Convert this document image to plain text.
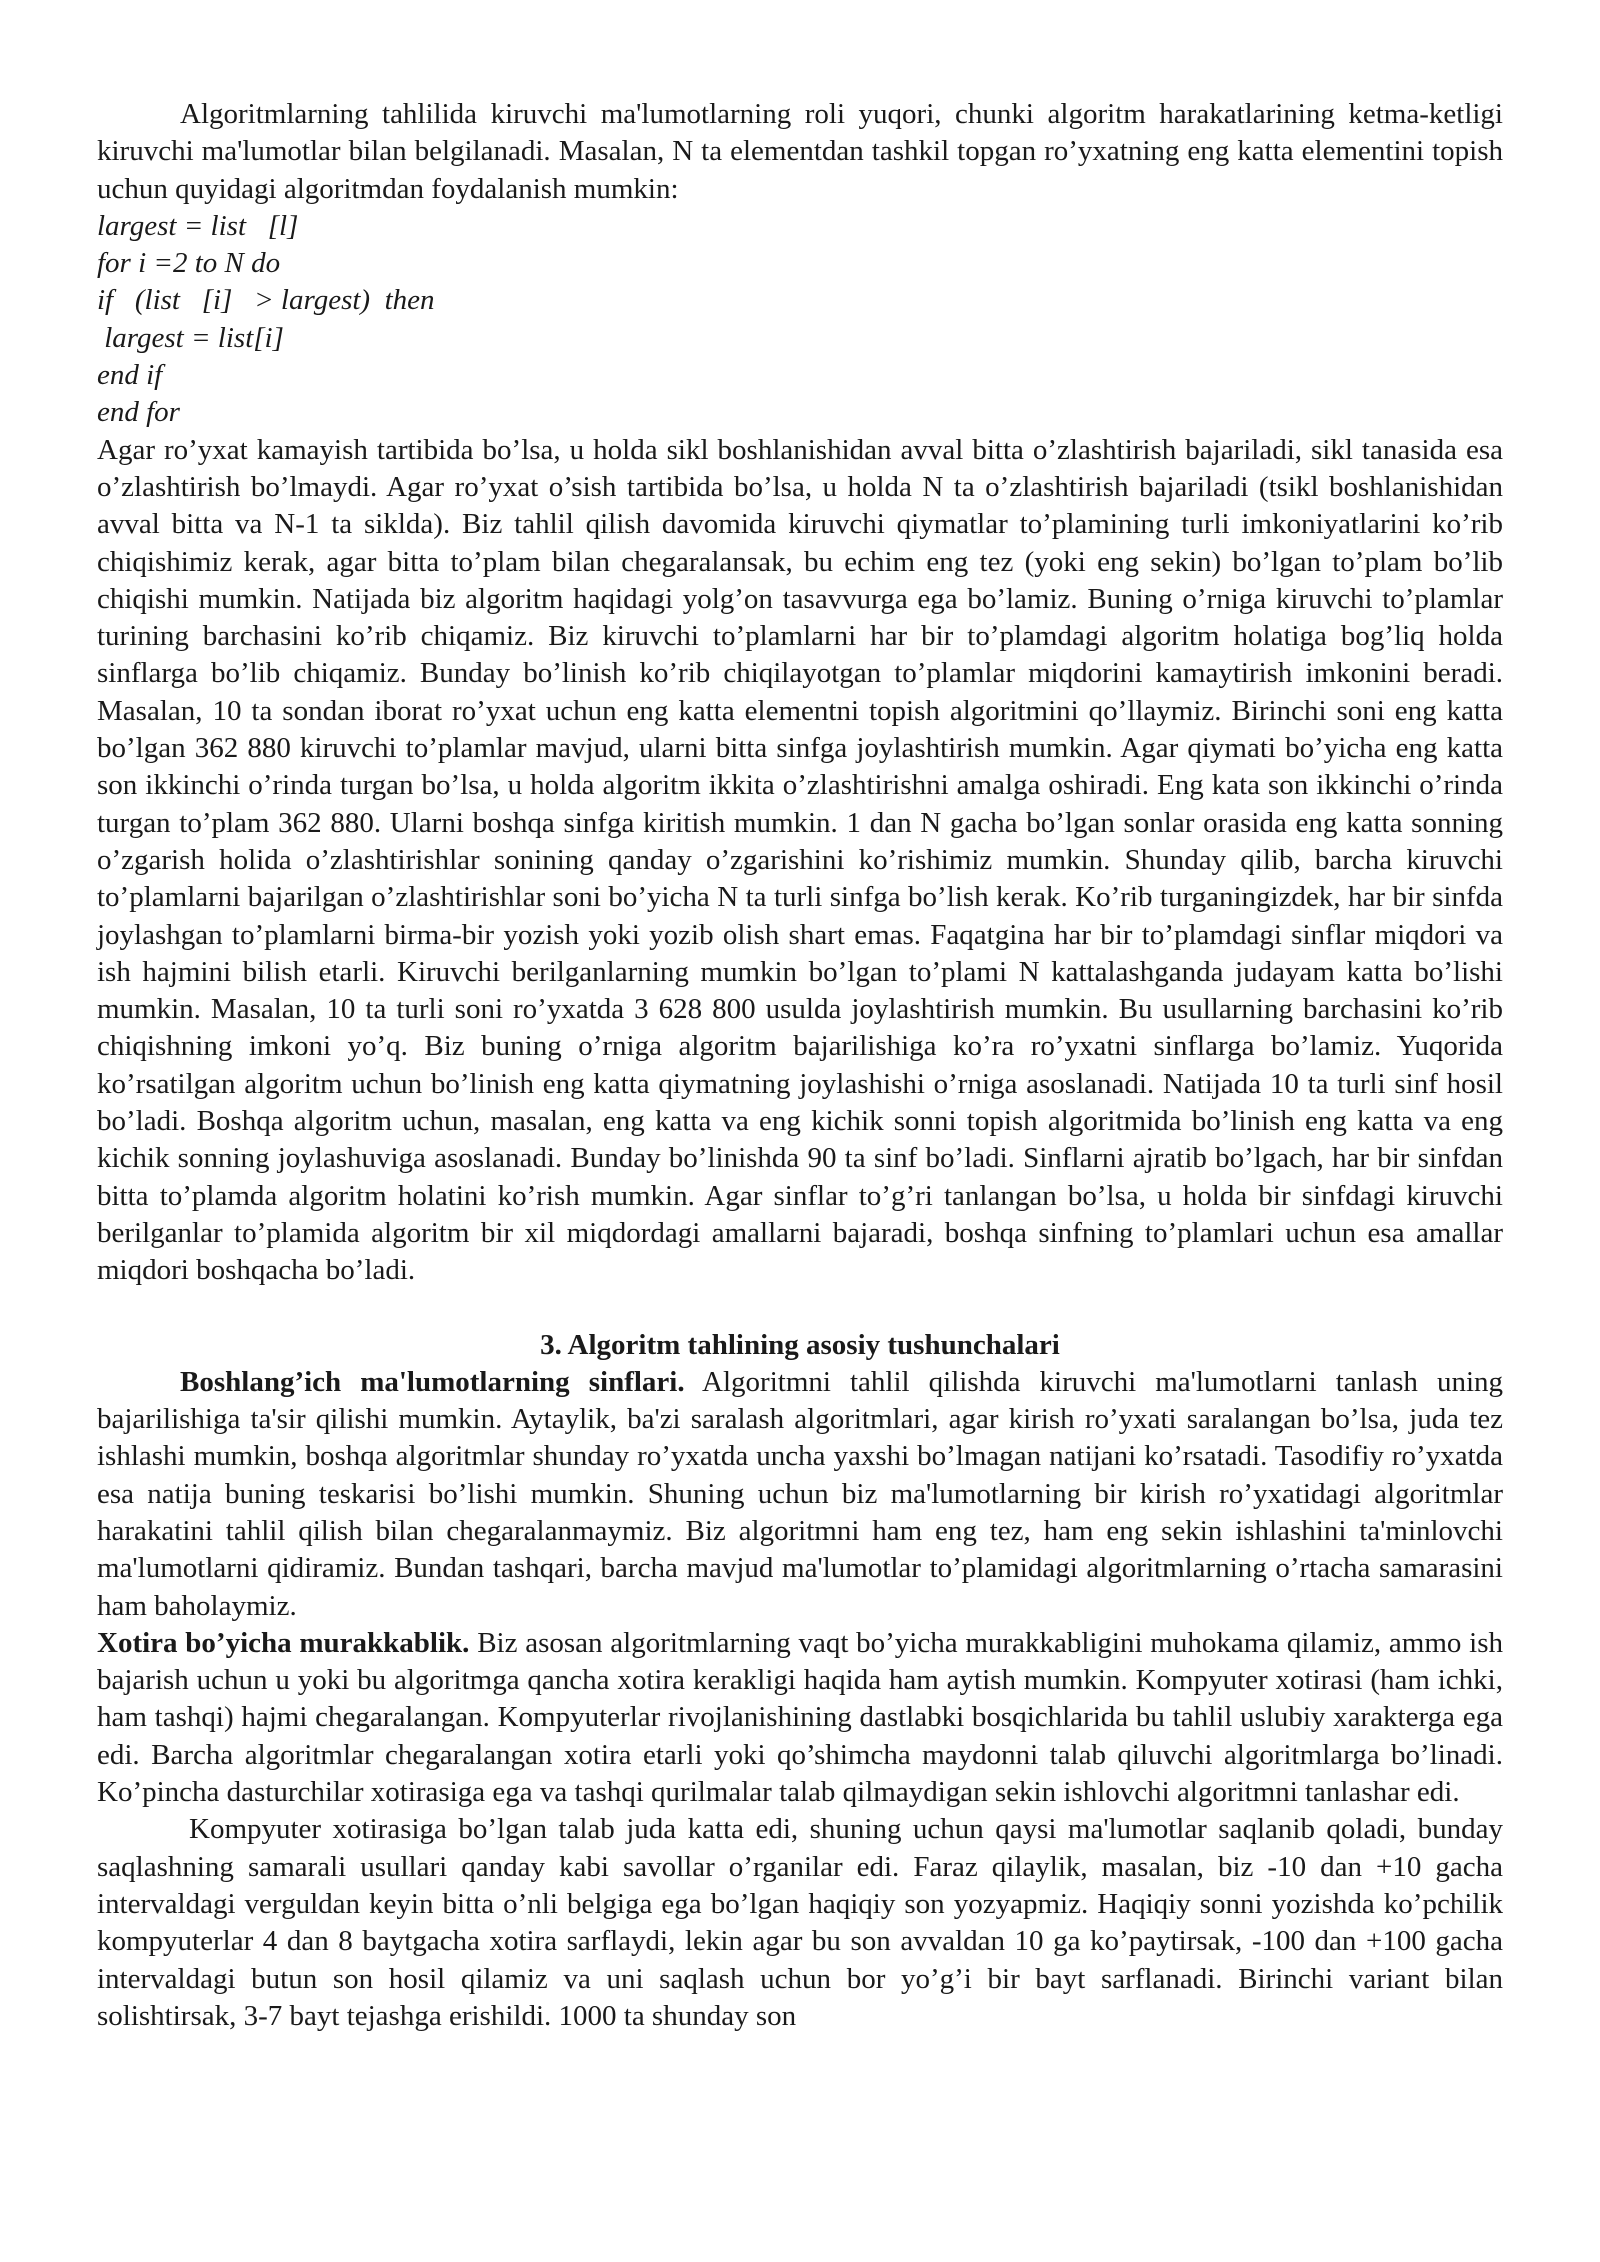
Algoritmlarning tahlilida kiruvchi ma'lumotlarning roli yuqori, chunki algoritm harakatlarining ketma-ketligi kiruvchi ma'lumotlar bilan belgilanadi. Masalan, N ta elementdan tashkil topgan ro’yxatning eng katta elementini topish uchun quyidagi algoritmdan foydalanish mumkin:

largest = list   [l]
for i =2 to N do
if   (list   [i]   > largest)  then
largest = list[i]
end if
end for

Agar ro’yxat kamayish tartibida bo’lsa, u holda sikl boshlanishidan avval bitta o’zlashtirish bajariladi, sikl tanasida esa o’zlashtirish bo’lmaydi. Agar ro’yxat o’sish tartibida bo’lsa, u holda N ta o’zlashtirish bajariladi (tsikl boshlanishidan avval bitta va N-1 ta siklda). Biz tahlil qilish davomida kiruvchi qiymatlar to’plamining turli imkoniyatlarini ko’rib chiqishimiz kerak, agar bitta to’plam bilan chegaralansak, bu echim eng tez (yoki eng sekin) bo’lgan to’plam bo’lib chiqishi mumkin. Natijada biz algoritm haqidagi yolg’on tasavvurga ega bo’lamiz. Buning o’rniga kiruvchi to’plamlar turining barchasini ko’rib chiqamiz. Biz kiruvchi to’plamlarni har bir to’plamdagi algoritm holatiga bog’liq holda sinflarga bo’lib chiqamiz. Bunday bo’linish ko’rib chiqilayotgan to’plamlar miqdorini kamaytirish imkonini beradi. Masalan, 10 ta sondan iborat ro’yxat uchun eng katta elementni topish algoritmini qo’llaymiz. Birinchi soni eng katta bo’lgan 362 880 kiruvchi to’plamlar mavjud, ularni bitta sinfga joylashtirish mumkin. Agar qiymati bo’yicha eng katta son ikkinchi o’rinda turgan bo’lsa, u holda algoritm ikkita o’zlashtirishni amalga oshiradi. Eng kata son ikkinchi o’rinda turgan to’plam 362 880. Ularni boshqa sinfga kiritish mumkin. 1 dan N gacha bo’lgan sonlar orasida eng katta sonning o’zgarish holida o’zlashtirishlar sonining qanday o’zgarishini ko’rishimiz mumkin. Shunday qilib, barcha kiruvchi to’plamlarni bajarilgan o’zlashtirishlar soni bo’yicha N ta turli sinfga bo’lish kerak. Ko’rib turganingizdek, har bir sinfda joylashgan to’plamlarni birma-bir yozish yoki yozib olish shart emas. Faqatgina har bir to’plamdagi sinflar miqdori va ish hajmini bilish etarli. Kiruvchi berilganlarning mumkin bo’lgan to’plami N kattalashganda judayam katta bo’lishi mumkin. Masalan, 10 ta turli soni ro’yxatda 3 628 800 usulda joylashtirish mumkin. Bu usullarning barchasini ko’rib chiqishning imkoni yo’q. Biz buning o’rniga algoritm bajarilishiga ko’ra ro’yxatni sinflarga bo’lamiz. Yuqorida ko’rsatilgan algoritm uchun bo’linish eng katta qiymatning joylashishi o’rniga asoslanadi. Natijada 10 ta turli sinf hosil bo’ladi. Boshqa algoritm uchun, masalan, eng katta va eng kichik sonni topish algoritmida bo’linish eng katta va eng kichik sonning joylashuviga asoslanadi. Bunday bo’linishda 90 ta sinf bo’ladi. Sinflarni ajratib bo’lgach, har bir sinfdan bitta to’plamda algoritm holatini ko’rish mumkin. Agar sinflar to’g’ri tanlangan bo’lsa, u holda bir sinfdagi kiruvchi berilganlar to’plamida algoritm bir xil miqdordagi amallarni bajaradi, boshqa sinfning to’plamlari uchun esa amallar miqdori boshqacha bo’ladi.

3. Algoritm tahlining asosiy tushunchalari

Boshlang’ich ma'lumotlarning sinflari. Algoritmni tahlil qilishda kiruvchi ma'lumotlarni tanlash uning bajarilishiga ta'sir qilishi mumkin. Aytaylik, ba'zi saralash algoritmlari, agar kirish ro’yxati saralangan bo’lsa, juda tez ishlashi mumkin, boshqa algoritmlar shunday ro’yxatda uncha yaxshi bo’lmagan natijani ko’rsatadi. Tasodifiy ro’yxatda esa natija buning teskarisi bo’lishi mumkin. Shuning uchun biz ma'lumotlarning bir kirish ro’yxatidagi algoritmlar harakatini tahlil qilish bilan chegaralanmaymiz. Biz algoritmni ham eng tez, ham eng sekin ishlashini ta'minlovchi ma'lumotlarni qidiramiz. Bundan tashqari, barcha mavjud ma'lumotlar to’plamidagi algoritmlarning o’rtacha samarasini ham baholaymiz.

Xotira bo’yicha murakkablik. Biz asosan algoritmlarning vaqt bo’yicha murakkabligini muhokama qilamiz, ammo ish bajarish uchun u yoki bu algoritmga qancha xotira kerakligi haqida ham aytish mumkin. Kompyuter xotirasi (ham ichki, ham tashqi) hajmi chegaralangan. Kompyuterlar rivojlanishining dastlabki bosqichlarida bu tahlil uslubiy xarakterga ega edi. Barcha algoritmlar chegaralangan xotira etarli yoki qo’shimcha maydonni talab qiluvchi algoritmlarga bo’linadi. Ko’pincha dasturchilar xotirasiga ega va tashqi qurilmalar talab qilmaydigan sekin ishlovchi algoritmni tanlashar edi.

Kompyuter xotirasiga bo’lgan talab juda katta edi, shuning uchun qaysi ma'lumotlar saqlanib qoladi, bunday saqlashning samarali usullari qanday kabi savollar o’rganilar edi. Faraz qilaylik, masalan, biz -10 dan +10 gacha intervaldagi verguldan keyin bitta o’nli belgiga ega bo’lgan haqiqiy son yozyapmiz. Haqiqiy sonni yozishda ko’pchilik kompyuterlar 4 dan 8 baytgacha xotira sarflaydi, lekin agar bu son avvaldan 10 ga ko’paytirsak, -100 dan +100 gacha intervaldagi butun son hosil qilamiz va uni saqlash uchun bor yo’g’i bir bayt sarflanadi. Birinchi variant bilan solishtirsak, 3-7 bayt tejashga erishildi. 1000 ta shunday son
